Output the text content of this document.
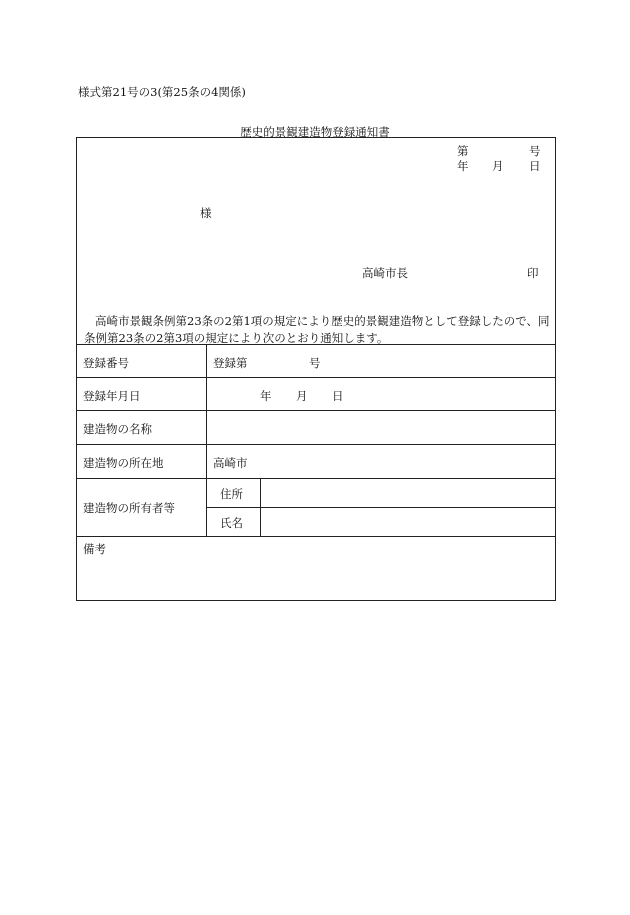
様式第21号の3(第25条の4関係)
歴史的景観建造物登録通知書
第	号
年 月 日
様
高崎市長	印
高崎市景観条例第23条の2第1項の規定により歴史的景観建造物として登録したので、同条例第23条の2第3項の規定により次のとおり通知します。
登録番号	登録第	号
登録年月日	年 月 日
建造物の名称
建造物の所在地	高崎市
建造物の所有者等
住所
氏名
備考
